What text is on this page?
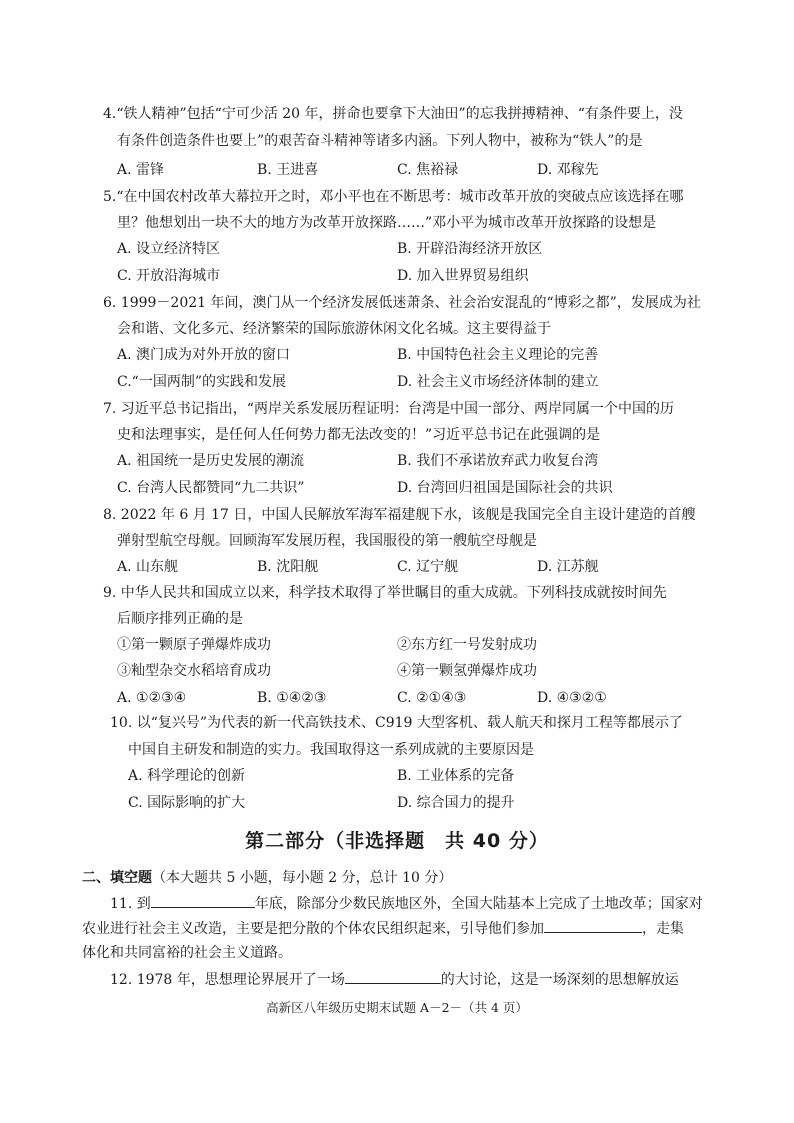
4.“铁人精神”包括“宁可少活 20 年，拼命也要拿下大油田”的忘我拼搏精神、“有条件要上，没
有条件创造条件也要上”的艰苦奋斗精神等诸多内涵。下列人物中，被称为“铁人”的是
A. 雷锋	B. 王进喜	C. 焦裕禄	D. 邓稼先
5.“在中国农村改革大幕拉开之时，邓小平也在不断思考：城市改革开放的突破点应该选择在哪
里？他想划出一块不大的地方为改革开放探路……”邓小平为城市改革开放探路的设想是
A. 设立经济特区	B. 开辟沿海经济开放区
C. 开放沿海城市	D. 加入世界贸易组织
6. 1999－2021 年间，澳门从一个经济发展低迷萧条、社会治安混乱的“博彩之都”，发展成为社
会和谐、文化多元、经济繁荣的国际旅游休闲文化名城。这主要得益于
A. 澳门成为对外开放的窗口	B. 中国特色社会主义理论的完善
C.“一国两制”的实践和发展	D. 社会主义市场经济体制的建立
7. 习近平总书记指出，“两岸关系发展历程证明：台湾是中国一部分、两岸同属一个中国的历
史和法理事实，是任何人任何势力都无法改变的！”习近平总书记在此强调的是
A. 祖国统一是历史发展的潮流	B. 我们不承诺放弃武力收复台湾
C. 台湾人民都赞同“九二共识”	D. 台湾回归祖国是国际社会的共识
8. 2022 年 6 月 17 日，中国人民解放军海军福建舰下水，该舰是我国完全自主设计建造的首艘
弹射型航空母舰。回顾海军发展历程，我国服役的第一艘航空母舰是
A. 山东舰	B. 沈阳舰	C. 辽宁舰	D. 江苏舰
9. 中华人民共和国成立以来，科学技术取得了举世瞩目的重大成就。下列科技成就按时间先
后顺序排列正确的是
①第一颗原子弹爆炸成功	②东方红一号发射成功
③籼型杂交水稻培育成功	④第一颗氢弹爆炸成功
A. ①②③④	B. ①④②③	C. ②①④③	D. ④③②①
10. 以“复兴号”为代表的新一代高铁技术、C919 大型客机、载人航天和探月工程等都展示了
中国自主研发和制造的实力。我国取得这一系列成就的主要原因是
A. 科学理论的创新	B. 工业体系的完备
C. 国际影响的扩大	D. 综合国力的提升
第二部分（非选择题　共 40 分）
二、填空题（本大题共 5 小题，每小题 2 分，总计 10 分）
11. 到	年底，除部分少数民族地区外，全国大陆基本上完成了土地改革；国家对
农业进行社会主义改造，主要是把分散的个体农民组织起来，引导他们参加	，走集
体化和共同富裕的社会主义道路。
12. 1978 年，思想理论界展开了一场	的大讨论，这是一场深刻的思想解放运
高新区八年级历史期末试题 A－2－（共 4 页）
